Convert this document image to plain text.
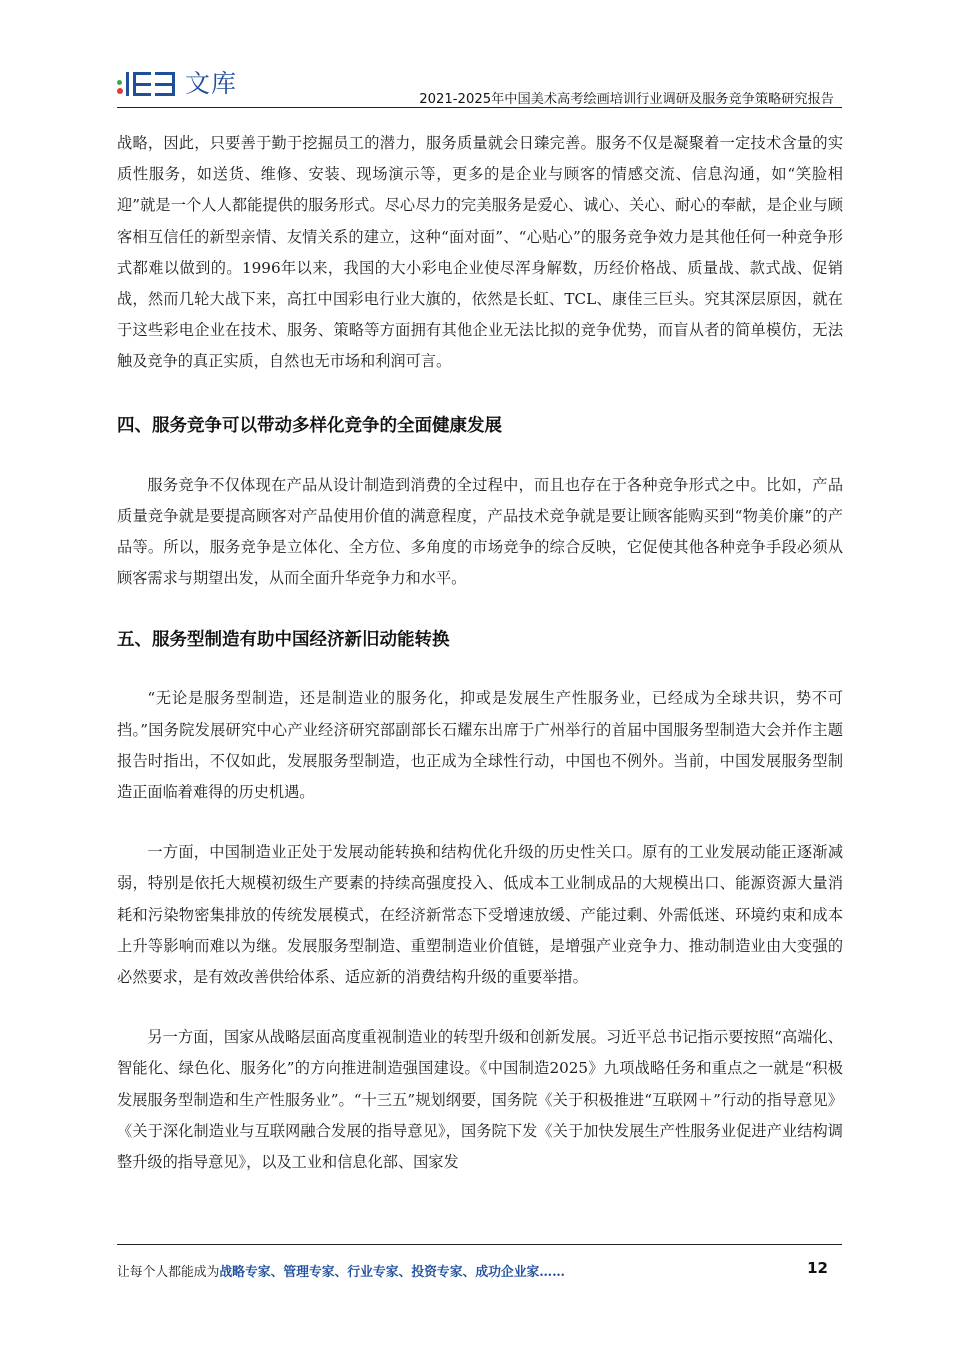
文库
2021-2025年中国美术高考绘画培训行业调研及服务竞争策略研究报告

战略，因此，只要善于勤于挖掘员工的潜力，服务质量就会日臻完善。服务不仅是凝聚着一定技术含量的实质性服务，如送货、维修、安装、现场演示等，更多的是企业与顾客的情感交流、信息沟通，如“笑脸相迎”就是一个人人都能提供的服务形式。尽心尽力的完美服务是爱心、诚心、关心、耐心的奉献，是企业与顾客相互信任的新型亲情、友情关系的建立，这种“面对面”、“心贴心”的服务竞争效力是其他任何一种竞争形式都难以做到的。1996年以来，我国的大小彩电企业使尽浑身解数，历经价格战、质量战、款式战、促销战，然而几轮大战下来，高扛中国彩电行业大旗的，依然是长虹、TCL、康佳三巨头。究其深层原因，就在于这些彩电企业在技术、服务、策略等方面拥有其他企业无法比拟的竞争优势，而盲从者的简单模仿，无法触及竞争的真正实质，自然也无市场和利润可言。

四、服务竞争可以带动多样化竞争的全面健康发展

服务竞争不仅体现在产品从设计制造到消费的全过程中，而且也存在于各种竞争形式之中。比如，产品质量竞争就是要提高顾客对产品使用价值的满意程度，产品技术竞争就是要让顾客能购买到“物美价廉”的产品等。所以，服务竞争是立体化、全方位、多角度的市场竞争的综合反映，它促使其他各种竞争手段必须从顾客需求与期望出发，从而全面升华竞争力和水平。

五、服务型制造有助中国经济新旧动能转换

“无论是服务型制造，还是制造业的服务化，抑或是发展生产性服务业，已经成为全球共识，势不可挡。”国务院发展研究中心产业经济研究部副部长石耀东出席于广州举行的首届中国服务型制造大会并作主题报告时指出，不仅如此，发展服务型制造，也正成为全球性行动，中国也不例外。当前，中国发展服务型制造正面临着难得的历史机遇。

一方面，中国制造业正处于发展动能转换和结构优化升级的历史性关口。原有的工业发展动能正逐渐减弱，特别是依托大规模初级生产要素的持续高强度投入、低成本工业制成品的大规模出口、能源资源大量消耗和污染物密集排放的传统发展模式，在经济新常态下受增速放缓、产能过剩、外需低迷、环境约束和成本上升等影响而难以为继。发展服务型制造、重塑制造业价值链，是增强产业竞争力、推动制造业由大变强的必然要求，是有效改善供给体系、适应新的消费结构升级的重要举措。

另一方面，国家从战略层面高度重视制造业的转型升级和创新发展。习近平总书记指示要按照“高端化、智能化、绿色化、服务化”的方向推进制造强国建设。《中国制造2025》九项战略任务和重点之一就是“积极发展服务型制造和生产性服务业”。“十三五”规划纲要，国务院《关于积极推进“互联网＋”行动的指导意见》《关于深化制造业与互联网融合发展的指导意见》，国务院下发《关于加快发展生产性服务业促进产业结构调整升级的指导意见》，以及工业和信息化部、国家发

让每个人都能成为战略专家、管理专家、行业专家、投资专家、成功企业家……	12
